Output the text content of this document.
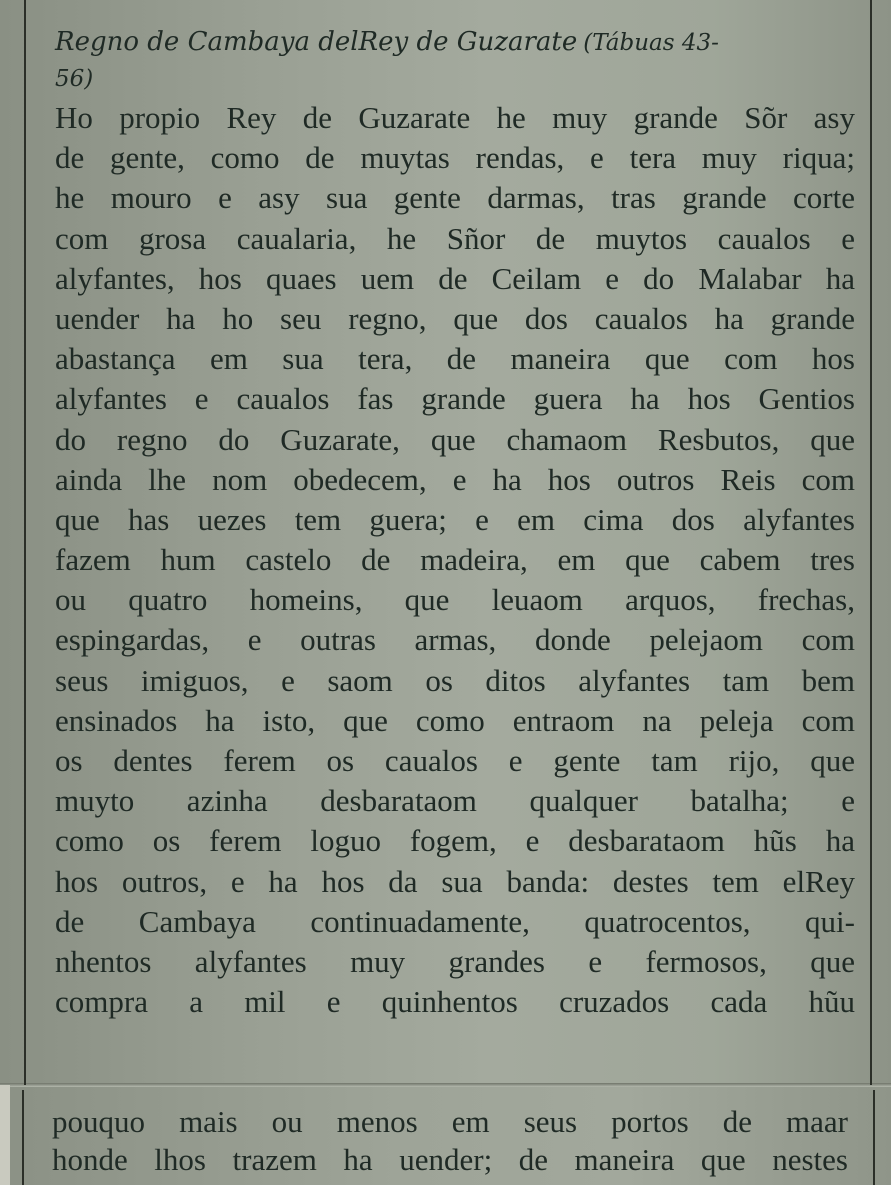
Regno de Cambaya delRey de Guzarate (Tábuas 43-
56)
Ho propio Rey de Guzarate he muy grande Sõr asy
de gente, como de muytas rendas, e tera muy riqua;
he mouro e asy sua gente darmas, tras grande corte
com grosa caualaria, he Sñor de muytos caualos e
alyfantes, hos quaes uem de Ceilam e do Malabar ha
uender ha ho seu regno, que dos caualos ha grande
abastança em sua tera, de maneira que com hos
alyfantes e caualos fas grande guera ha hos Gentios
do regno do Guzarate, que chamaom Resbutos, que
ainda lhe nom obedecem, e ha hos outros Reis com
que has uezes tem guera; e em cima dos alyfantes
fazem hum castelo de madeira, em que cabem tres
ou quatro homeins, que leuaom arquos, frechas,
espingardas, e outras armas, donde pelejaom com
seus imiguos, e saom os ditos alyfantes tam bem
ensinados ha isto, que como entraom na peleja com
os dentes ferem os caualos e gente tam rijo, que
muyto azinha desbarataom qualquer batalha; e
como os ferem loguo fogem, e desbarataom hũs ha
hos outros, e ha hos da sua banda: destes tem elRey
de Cambaya continuadamente, quatrocentos, qui-
nhentos alyfantes muy grandes e fermosos, que
compra a mil e quinhentos cruzados cada hũu
pouquo mais ou menos em seus portos de maar
honde lhos trazem ha uender; de maneira que nestes
